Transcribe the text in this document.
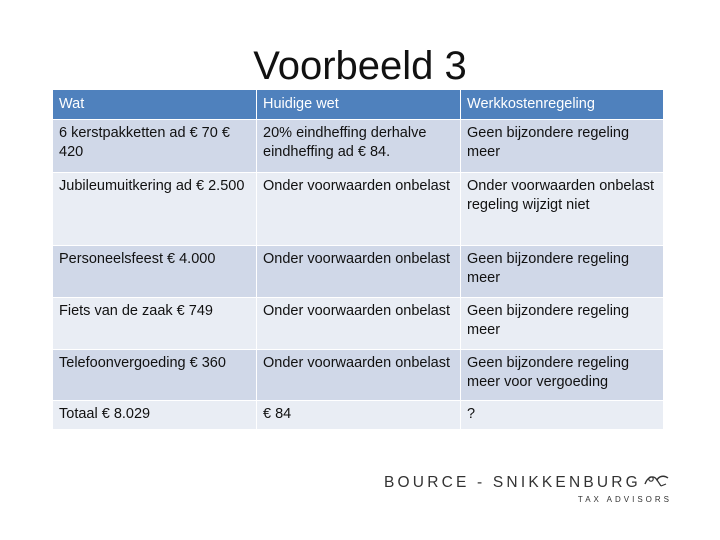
Voorbeeld 3
Wat	Huidige wet	Werkkostenregeling
6 kerstpakketten ad € 70 € 420	20% eindheffing derhalve eindheffing ad € 84.	Geen bijzondere regeling meer
Jubileumuitkering ad € 2.500	Onder voorwaarden onbelast	Onder voorwaarden onbelast regeling wijzigt niet
Personeelsfeest € 4.000	Onder voorwaarden onbelast	Geen bijzondere regeling meer
Fiets van de zaak € 749	Onder voorwaarden onbelast	Geen bijzondere regeling meer
Telefoonvergoeding € 360	Onder voorwaarden onbelast	Geen bijzondere regeling meer voor vergoeding
Totaal € 8.029	€ 84	?
BOURCE - SNIKKENBURG
TAX ADVISORS
